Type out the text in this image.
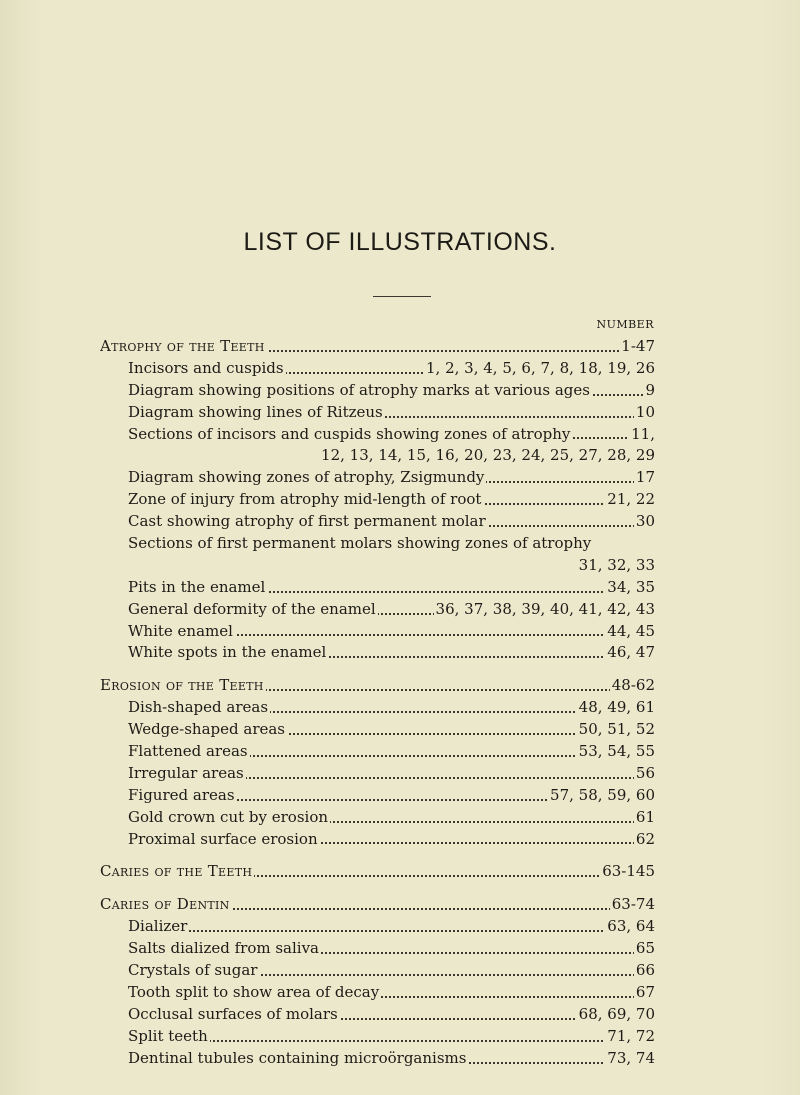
LIST OF ILLUSTRATIONS.
NUMBER
Atrophy of the Teeth	1-47
Incisors and cuspids	1, 2, 3, 4, 5, 6, 7, 8, 18, 19, 26
Diagram showing positions of atrophy marks at various ages	9
Diagram showing lines of Ritzeus	10
Sections of incisors and cuspids showing zones of atrophy	11,
12, 13, 14, 15, 16, 20, 23, 24, 25, 27, 28, 29
Diagram showing zones of atrophy, Zsigmundy	17
Zone of injury from atrophy mid-length of root	21, 22
Cast showing atrophy of first permanent molar	30
Sections of first permanent molars showing zones of atrophy
31, 32, 33
Pits in the enamel	34, 35
General deformity of the enamel	36, 37, 38, 39, 40, 41, 42, 43
White enamel	44, 45
White spots in the enamel	46, 47
Erosion of the Teeth	48-62
Dish-shaped areas	48, 49, 61
Wedge-shaped areas	50, 51, 52
Flattened areas	53, 54, 55
Irregular areas	56
Figured areas	57, 58, 59, 60
Gold crown cut by erosion	61
Proximal surface erosion	62
Caries of the Teeth	63-145
Caries of Dentin	63-74
Dializer	63, 64
Salts dialized from saliva	65
Crystals of sugar	66
Tooth split to show area of decay	67
Occlusal surfaces of molars	68, 69, 70
Split teeth	71, 72
Dentinal tubules containing microörganisms	73, 74
